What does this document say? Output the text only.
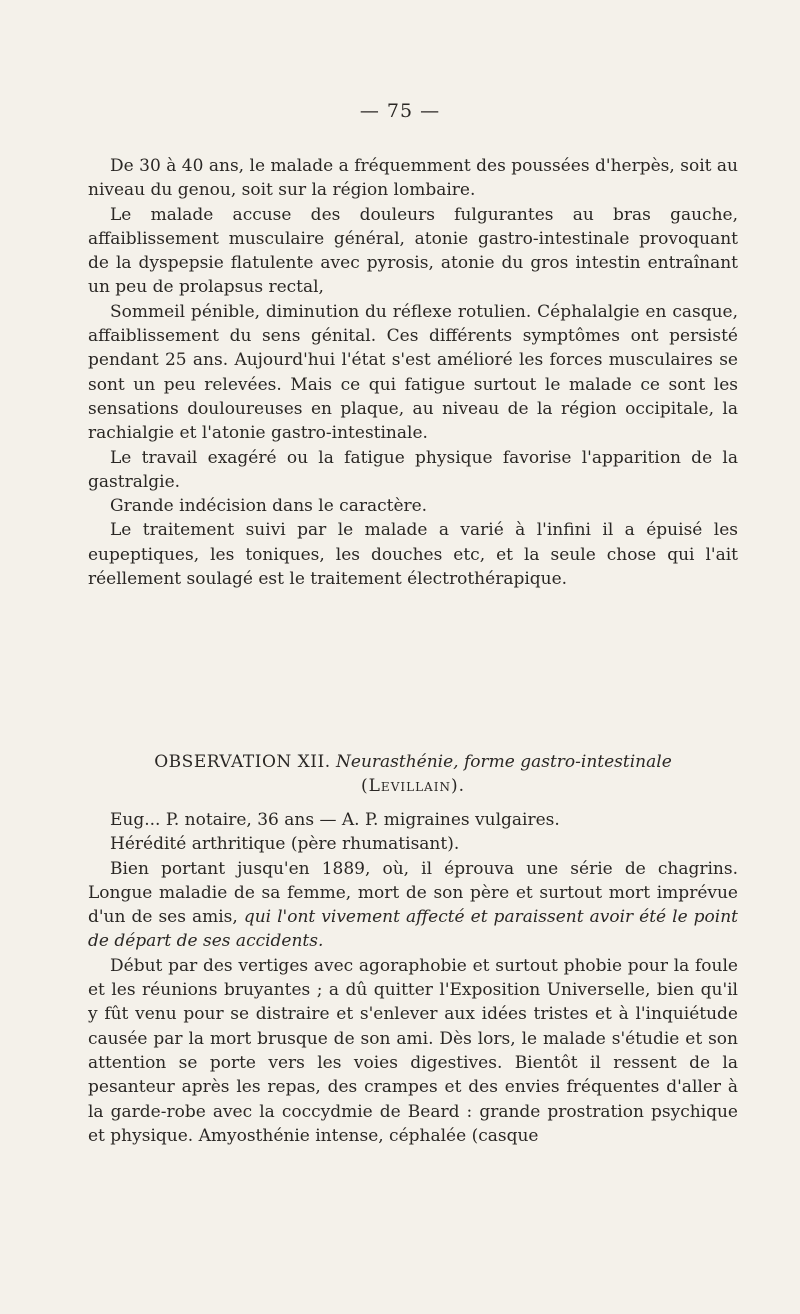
— 75 —

De 30 à 40 ans, le malade a fréquemment des poussées d'herpès, soit au niveau du genou, soit sur la région lombaire.

Le malade accuse des douleurs fulgurantes au bras gauche, affaiblissement musculaire général, atonie gastro-intestinale provoquant de la dyspepsie flatulente avec pyrosis, atonie du gros intestin entraînant un peu de prolapsus rectal,

Sommeil pénible, diminution du réflexe rotulien. Céphalalgie en casque, affaiblissement du sens génital. Ces différents symptômes ont persisté pendant 25 ans. Aujourd'hui l'état s'est amélioré les forces musculaires se sont un peu relevées. Mais ce qui fatigue surtout le malade ce sont les sensations douloureuses en plaque, au niveau de la région occipitale, la rachialgie et l'atonie gastro-intestinale.

Le travail exagéré ou la fatigue physique favorise l'apparition de la gastralgie.

Grande indécision dans le caractère.

Le traitement suivi par le malade a varié à l'infini il a épuisé les eupeptiques, les toniques, les douches etc, et la seule chose qui l'ait réellement soulagé est le traitement électrothérapique.

OBSERVATION XII. Neurasthénie, forme gastro-intestinale
(Levillain).

Eug... P. notaire, 36 ans — A. P. migraines vulgaires.

Hérédité arthritique (père rhumatisant).

Bien portant jusqu'en 1889, où, il éprouva une série de chagrins. Longue maladie de sa femme, mort de son père et surtout mort imprévue d'un de ses amis, qui l'ont vivement affecté et paraissent avoir été le point de départ de ses accidents.

Début par des vertiges avec agoraphobie et surtout phobie pour la foule et les réunions bruyantes ; a dû quitter l'Exposition Universelle, bien qu'il y fût venu pour se distraire et s'enlever aux idées tristes et à l'inquiétude causée par la mort brusque de son ami. Dès lors, le malade s'étudie et son attention se porte vers les voies digestives. Bientôt il ressent de la pesanteur après les repas, des crampes et des envies fréquentes d'aller à la garde-robe avec la coccydmie de Beard : grande prostration psychique et physique. Amyosthénie intense, céphalée (casque
